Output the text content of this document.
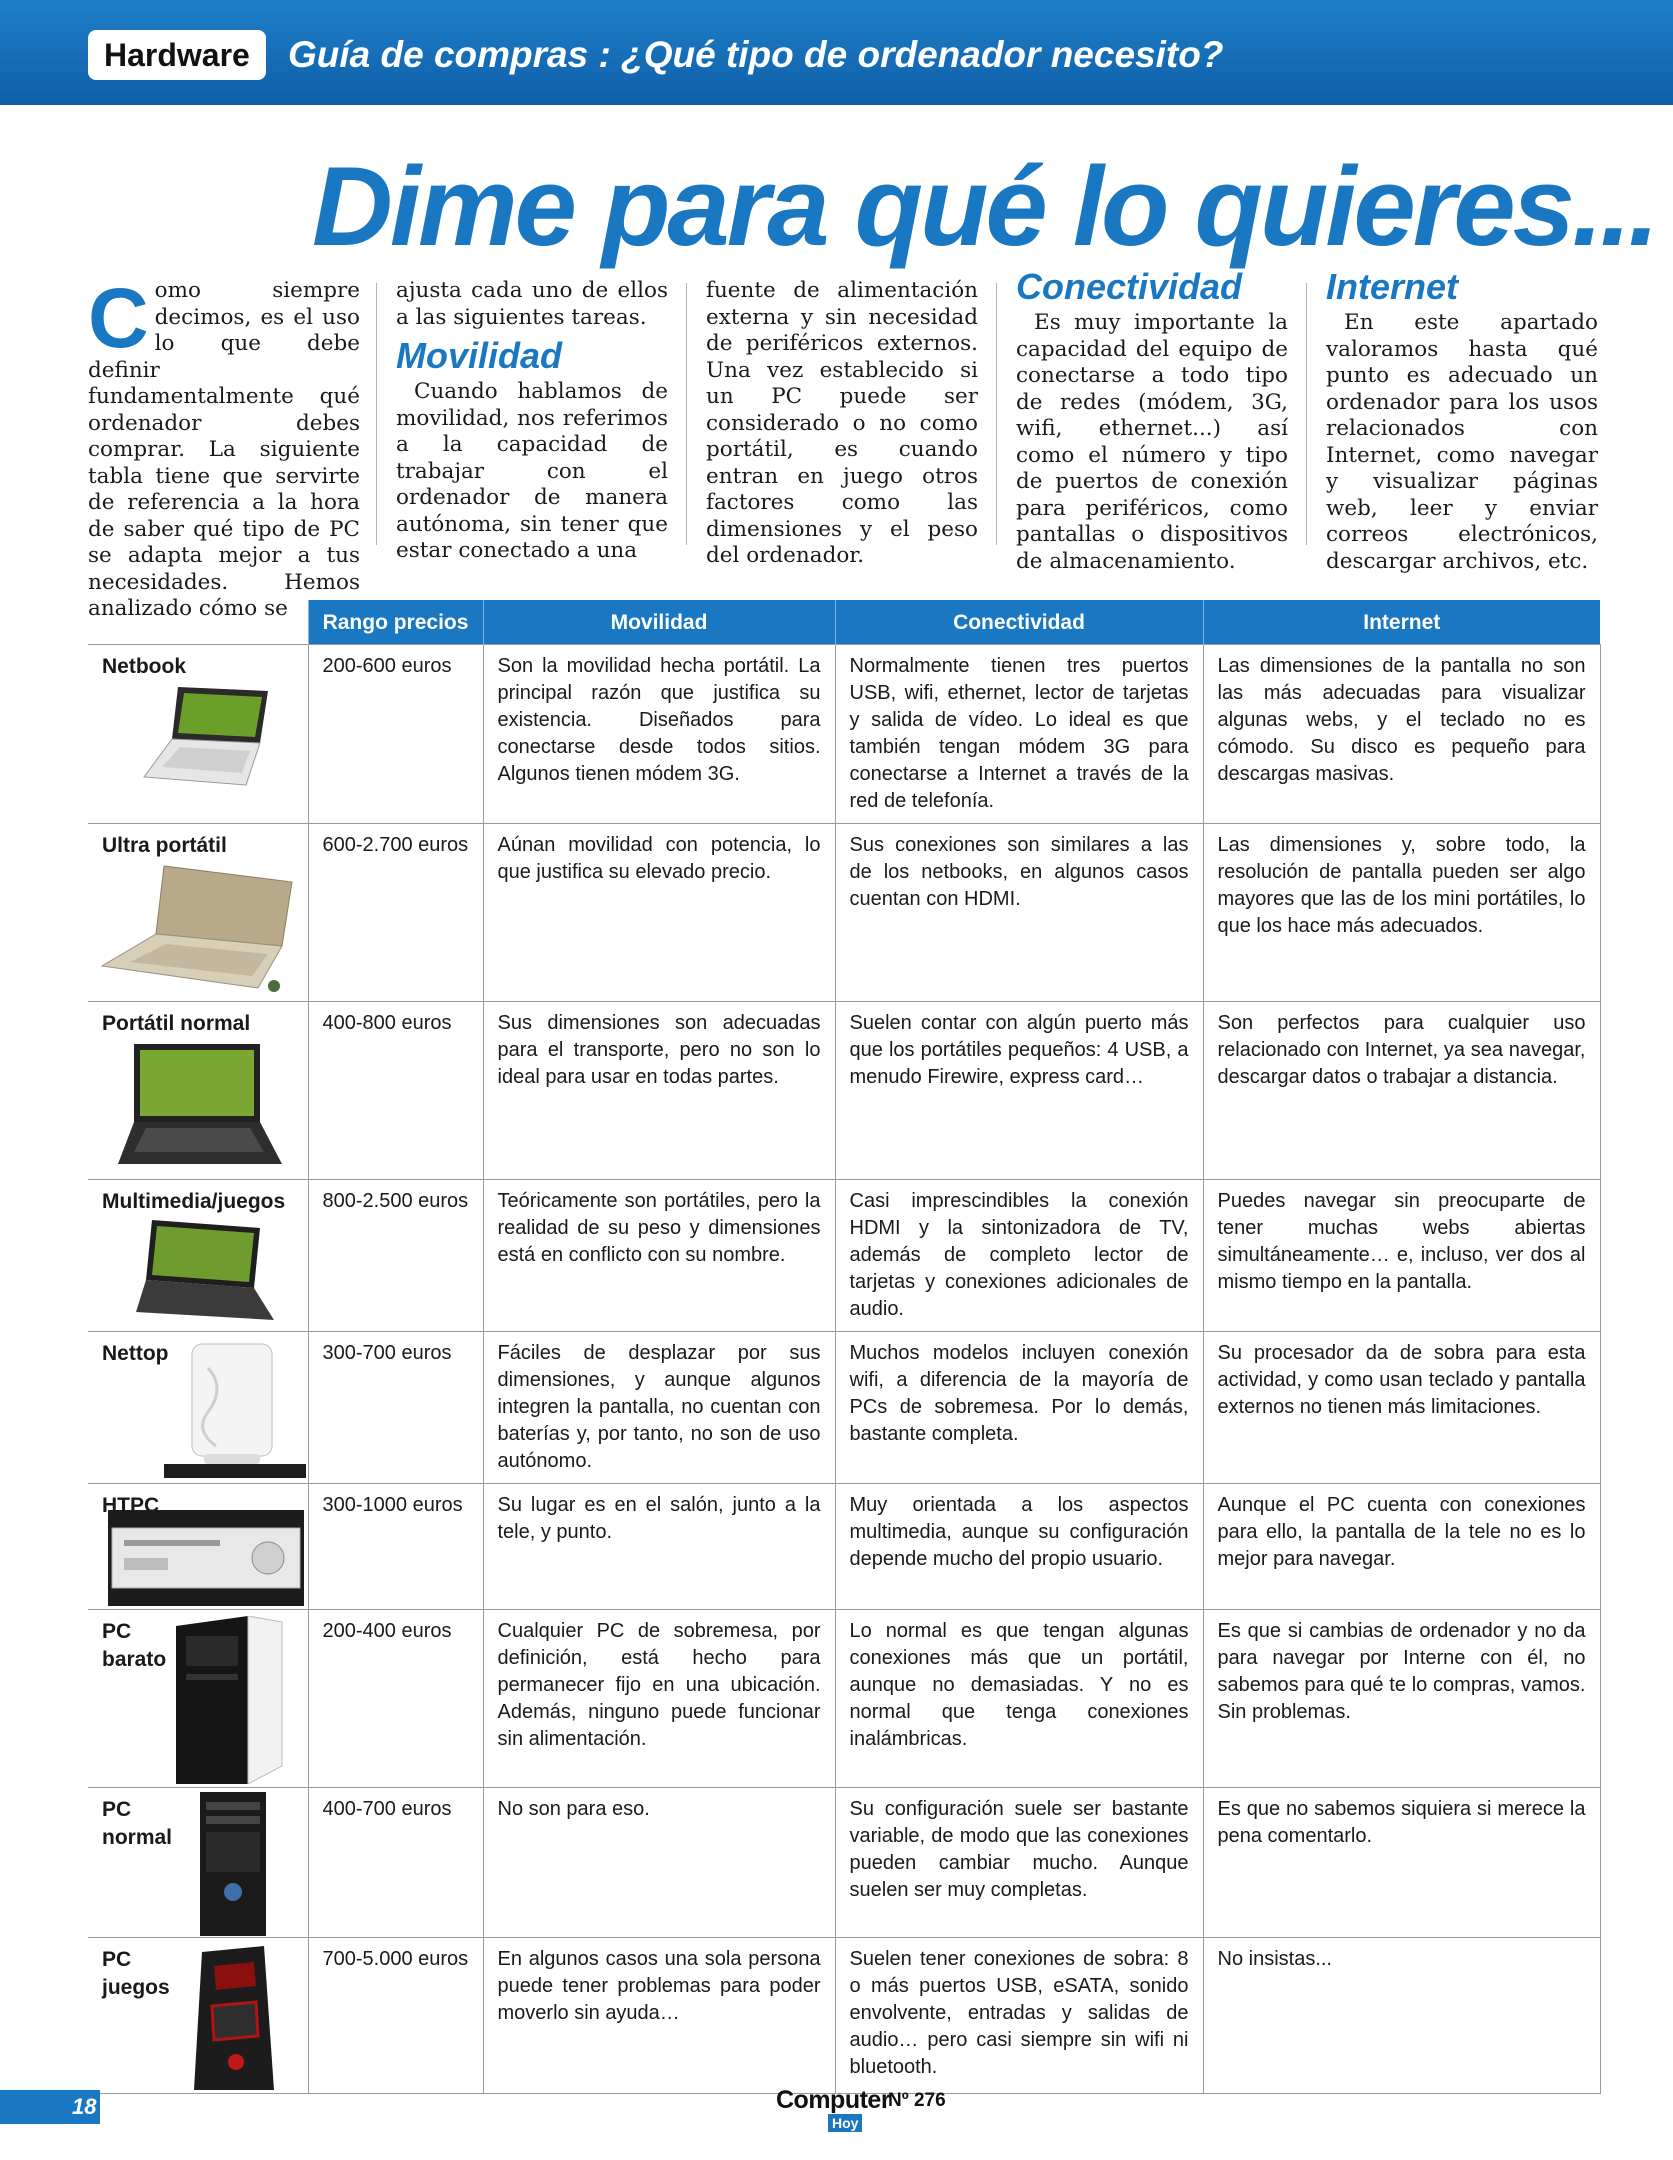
Hardware	Guía de compras : ¿Qué tipo de ordenador necesito?
Dime para qué lo quieres...
C omo siempre decimos, es el uso lo que debe definir fundamentalmente qué ordenador debes comprar. La siguiente tabla tiene que servirte de referencia a la hora de saber qué tipo de PC se adapta mejor a tus necesidades. Hemos analizado cómo se

ajusta cada uno de ellos a las siguientes tareas.

Movilidad

Cuando hablamos de movilidad, nos referimos a la capacidad de trabajar con el ordenador de manera autónoma, sin tener que estar conectado a una

fuente de alimentación externa y sin necesidad de periféricos externos. Una vez establecido si un PC puede ser considerado o no como portátil, es cuando entran en juego otros factores como las dimensiones y el peso del ordenador.

Conectividad

Es muy importante la capacidad del equipo de conectarse a todo tipo de redes (módem, 3G, wifi, ethernet...) así como el número y tipo de puertos de conexión para periféricos, como pantallas o dispositivos de almacenamiento.

Internet

En este apartado valoramos hasta qué punto es adecuado un ordenador para los usos relacionados con Internet, como navegar y visualizar páginas web, leer y enviar correos electrónicos, descargar archivos, etc.

	Rango precios	Movilidad	Conectividad	Internet

Netbook	200-600 euros	Son la movilidad hecha portátil. La principal razón que justifica su existencia. Diseñados para conectarse desde todos sitios. Algunos tienen módem 3G.	Normalmente tienen tres puertos USB, wifi, ethernet, lector de tarjetas y salida de vídeo. Lo ideal es que también tengan módem 3G para conectarse a Internet a través de la red de telefonía.	Las dimensiones de la pantalla no son las más adecuadas para visualizar algunas webs, y el teclado no es cómodo. Su disco es pequeño para descargas masivas.

Ultra portátil	600-2.700 euros	Aúnan movilidad con potencia, lo que justifica su elevado precio.	Sus conexiones son similares a las de los netbooks, en algunos casos cuentan con HDMI.	Las dimensiones y, sobre todo, la resolución de pantalla pueden ser algo mayores que las de los mini portátiles, lo que los hace más adecuados.

Portátil normal	400-800 euros	Sus dimensiones son adecuadas para el transporte, pero no son lo ideal para usar en todas partes.	Suelen contar con algún puerto más que los portátiles pequeños: 4 USB, a menudo Firewire, express card…	Son perfectos para cualquier uso relacionado con Internet, ya sea navegar, descargar datos o trabajar a distancia.

Multimedia/juegos	800-2.500 euros	Teóricamente son portátiles, pero la realidad de su peso y dimensiones está en conflicto con su nombre.	Casi imprescindibles la conexión HDMI y la sintonizadora de TV, además de completo lector de tarjetas y conexiones adicionales de audio.	Puedes navegar sin preocuparte de tener muchas webs abiertas simultáneamente… e, incluso, ver dos al mismo tiempo en la pantalla.

Nettop	300-700 euros	Fáciles de desplazar por sus dimensiones, y aunque algunos integren la pantalla, no cuentan con baterías y, por tanto, no son de uso autónomo.	Muchos modelos incluyen conexión wifi, a diferencia de la mayoría de PCs de sobremesa. Por lo demás, bastante completa.	Su procesador da de sobra para esta actividad, y como usan teclado y pantalla externos no tienen más limitaciones.

HTPC	300-1000 euros	Su lugar es en el salón, junto a la tele, y punto.	Muy orientada a los aspectos multimedia, aunque su configuración depende mucho del propio usuario.	Aunque el PC cuenta con conexiones para ello, la pantalla de la tele no es lo mejor para navegar.

PC
barato	200-400 euros	Cualquier PC de sobremesa, por definición, está hecho para permanecer fijo en una ubicación. Además, ninguno puede funcionar sin alimentación.	Lo normal es que tengan algunas conexiones más que un portátil, aunque no demasiadas. Y no es normal que tenga conexiones inalámbricas.	Es que si cambias de ordenador y no da para navegar por Interne con él, no sabemos para qué te lo compras, vamos. Sin problemas.

PC
normal	400-700 euros	No son para eso.	Su configuración suele ser bastante variable, de modo que las conexiones pueden cambiar mucho. Aunque suelen ser muy completas.	Es que no sabemos siquiera si merece la pena comentarlo.

PC
juegos	700-5.000 euros	En algunos casos una sola persona puede tener problemas para poder moverlo sin ayuda…	Suelen tener conexiones de sobra: 8 o más puertos USB, eSATA, sonido envolvente, entradas y salidas de audio… pero casi siempre sin wifi ni bluetooth.	No insistas...
18	Computer
Hoy
Nº 276
